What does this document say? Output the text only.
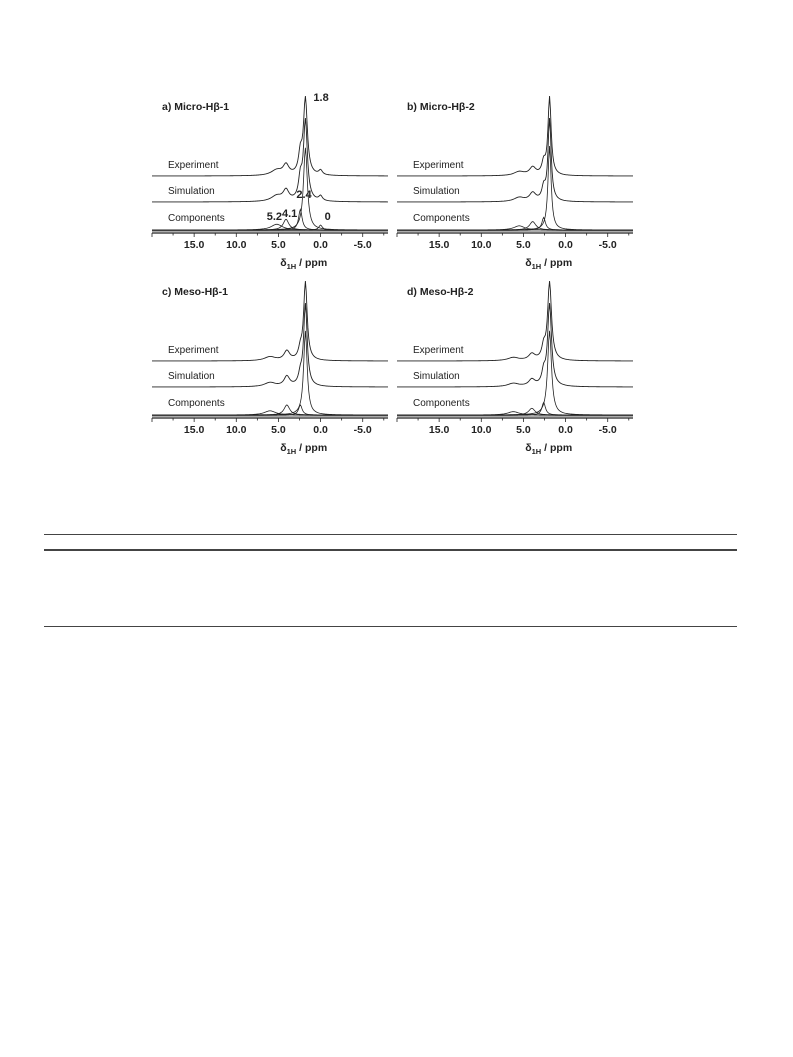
a) Micro-Hβ-1
Experiment
Simulation
Components
1.8
2.4
4.1
5.2	0
15.0 10.0 5.0	0.0 -5.0
$\delta_{1H}$ / ppm
b) Micro-Hβ-2
Experiment
Simulation
Components
15.0 10.0 5.0	0.0 -5.0
$\delta_{1H}$ / ppm
c) Meso-Hβ-1
Experiment
Simulation
Components
15.0 10.0 5.0	0.0 -5.0
$\delta_{1H}$ / ppm
d) Meso-Hβ-2
Experiment
Simulation
Components
15.0 10.0 5.0	0.0 -5.0
$\delta_{1H}$ / ppm
